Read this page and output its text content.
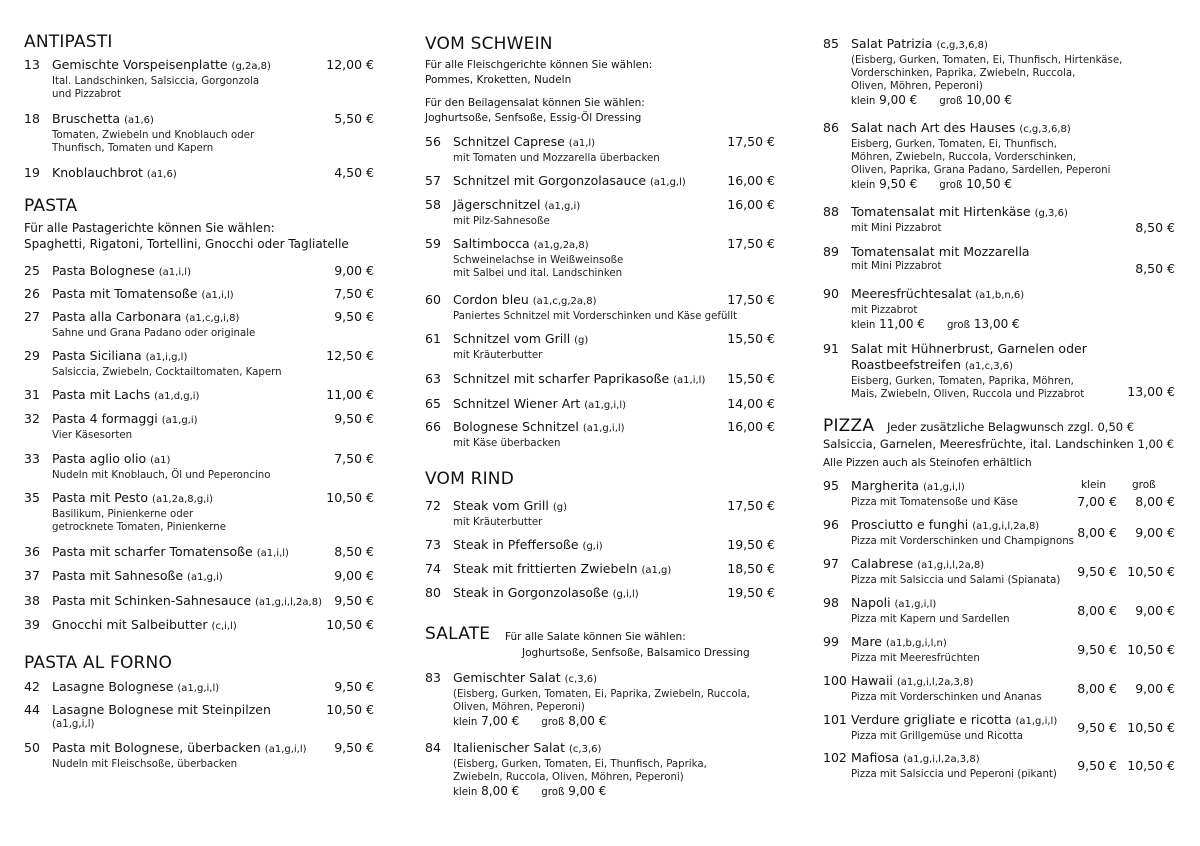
ANTIPASTI
13 Gemischte Vorspeisenplatte (g,2a,8)
Ital. Landschinken, Salsiccia, Gorgonzola
und Pizzabrot
12,00 €
18 Bruschetta (a1,6)
Tomaten, Zwiebeln und Knoblauch oder
Thunfisch, Tomaten und Kapern
5,50 €
19 Knoblauchbrot (a1,6)	4,50 €
PASTA
Für alle Pastagerichte können Sie wählen:
Spaghetti, Rigatoni, Tortellini, Gnocchi oder Tagliatelle
25 Pasta Bolognese (a1,i,l)	9,00 €
26 Pasta mit Tomatensoße (a1,i,l)	7,50 €
27 Pasta alla Carbonara (a1,c,g,i,8)
Sahne und Grana Padano oder originale
9,50 €
29 Pasta Siciliana (a1,i,g,l)
Salsiccia, Zwiebeln, Cocktailtomaten, Kapern
12,50 €
31 Pasta mit Lachs (a1,d,g,i)	11,00 €
32 Pasta 4 formaggi (a1,g,i)
Vier Käsesorten
9,50 €
33 Pasta aglio olio (a1)
Nudeln mit Knoblauch, Öl und Peperoncino
7,50 €
35 Pasta mit Pesto (a1,2a,8,g,i)
Basilikum, Pinienkerne oder
getrocknete Tomaten, Pinienkerne
10,50 €
36 Pasta mit scharfer Tomatensoße (a1,i,l)	8,50 €
37 Pasta mit Sahnesoße (a1,g,i)	9,00 €
38 Pasta mit Schinken-Sahnesauce (a1,g,i,l,2a,8) 9,50 €
39 Gnocchi mit Salbeibutter (c,i,l)	10,50 €
PASTA AL FORNO
42 Lasagne Bolognese (a1,g,i,l)	9,50 €
44 Lasagne Bolognese mit Steinpilzen
(a1,g,i,l)
10,50 €
50 Pasta mit Bolognese, überbacken (a1,g,i,l)
Nudeln mit Fleischsoße, überbacken
9,50 €
VOM SCHWEIN
Für alle Fleischgerichte können Sie wählen:
Pommes, Kroketten, Nudeln
Für den Beilagensalat können Sie wählen:
Joghurtsoße, Senfsoße, Essig-Öl Dressing
56 Schnitzel Caprese (a1,l)
mit Tomaten und Mozzarella überbacken
17,50 €
57 Schnitzel mit Gorgonzolasauce (a1,g,l)	16,00 €
58 Jägerschnitzel (a1,g,i)
mit Pilz-Sahnesoße
16,00 €
59 Saltimbocca (a1,g,2a,8)
Schweinelachse in Weißweinsoße
mit Salbei und ital. Landschinken
17,50 €
60 Cordon bleu (a1,c,g,2a,8)
Paniertes Schnitzel mit Vorderschinken und Käse gefüllt
17,50 €
61 Schnitzel vom Grill (g)
mit Kräuterbutter
15,50 €
63 Schnitzel mit scharfer Paprikasoße (a1,i,l)	15,50 €
65 Schnitzel Wiener Art (a1,g,i,l)	14,00 €
66 Bolognese Schnitzel (a1,g,i,l)
mit Käse überbacken
16,00 €
VOM RIND
72 Steak vom Grill (g)
mit Kräuterbutter
17,50 €
73 Steak in Pfeffersoße (g,i)	19,50 €
74 Steak mit frittierten Zwiebeln (a1,g)	18,50 €
80 Steak in Gorgonzolasoße (g,i,l)	19,50 €
SALATE Für alle Salate können Sie wählen:
Joghurtsoße, Senfsoße, Balsamico Dressing
83 Gemischter Salat (c,3,6)
(Eisberg, Gurken, Tomaten, Ei, Paprika, Zwiebeln, Ruccola,
Oliven, Möhren, Peperoni)
klein 7,00 € groß 8,00 €
84 Italienischer Salat (c,3,6)
(Eisberg, Gurken, Tomaten, Ei, Thunfisch, Paprika,
Zwiebeln, Ruccola, Oliven, Möhren, Peperoni)
klein 8,00 € groß 9,00 €
85 Salat Patrizia (c,g,3,6,8)
(Eisberg, Gurken, Tomaten, Ei, Thunfisch, Hirtenkäse,
Vorderschinken, Paprika, Zwiebeln, Ruccola,
Oliven, Möhren, Peperoni)
klein 9,00 € groß 10,00 €
86 Salat nach Art des Hauses (c,g,3,6,8)
Eisberg, Gurken, Tomaten, Ei, Thunfisch,
Möhren, Zwiebeln, Ruccola, Vorderschinken,
Oliven, Paprika, Grana Padano, Sardellen, Peperoni
klein 9,50 € groß 10,50 €
88 Tomatensalat mit Hirtenkäse (g,3,6)
mit Mini Pizzabrot	8,50 €
89 Tomatensalat mit Mozzarella
mit Mini Pizzabrot	8,50 €
90 Meeresfrüchtesalat (a1,b,n,6)
mit Pizzabrot
klein 11,00 € groß 13,00 €
91 Salat mit Hühnerbrust, Garnelen oder Roastbeefstreifen (a1,c,3,6)
Eisberg, Gurken, Tomaten, Paprika, Möhren,
Mais, Zwiebeln, Oliven, Ruccola und Pizzabrot	13,00 €
PIZZA Jeder zusätzliche Belagwunsch zzgl. 0,50 €
Salsiccia, Garnelen, Meeresfrüchte, ital. Landschinken 1,00 €
Alle Pizzen auch als Steinofen erhältlich
klein groß
95 Margherita (a1,g,i,l)
Pizza mit Tomatensoße und Käse	7,00 € 8,00 €
96 Prosciutto e funghi (a1,g,i,l,2a,8)
Pizza mit Vorderschinken und Champignons
8,00 € 9,00 €
97 Calabrese (a1,g,i,l,2a,8)
Pizza mit Salsiccia und Salami (Spianata)
9,50 € 10,50 €
98 Napoli (a1,g,i,l)
Pizza mit Kapern und Sardellen
8,00 € 9,00 €
99 Mare (a1,b,g,i,l,n)
Pizza mit Meeresfrüchten
9,50 € 10,50 €
100 Hawaii (a1,g,i,l,2a,3,8)
Pizza mit Vorderschinken und Ananas
8,00 € 9,00 €
101 Verdure grigliate e ricotta (a1,g,i,l)
Pizza mit Grillgemüse und Ricotta
9,50 € 10,50 €
102 Mafiosa (a1,g,i,l,2a,3,8)
Pizza mit Salsiccia und Peperoni (pikant)
9,50 € 10,50 €
